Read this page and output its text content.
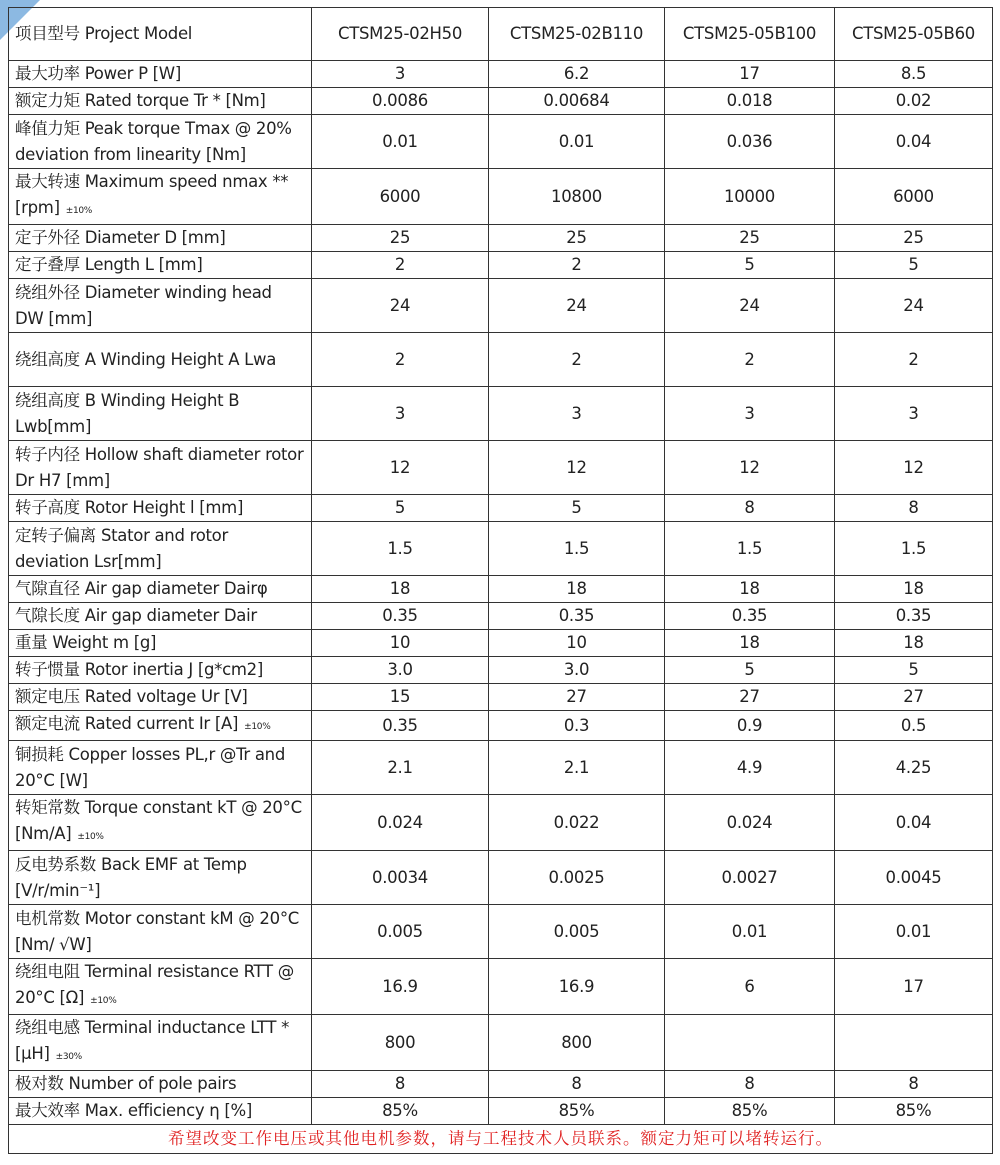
项目型号 Project Model	CTSM25-02H50	CTSM25-02B110	CTSM25-05B100	CTSM25-05B60
最大功率 Power P [W]	3	6.2	17	8.5
额定力矩 Rated torque Tr * [Nm]	0.0086	0.00684	0.018	0.02
峰值力矩 Peak torque Tmax @ 20% deviation from linearity [Nm]	0.01	0.01	0.036	0.04
最大转速 Maximum speed nmax ** [rpm] ±10%	6000	10800	10000	6000
定子外径 Diameter D [mm]	25	25	25	25
定子叠厚 Length L [mm]	2	2	5	5
绕组外径 Diameter winding head DW [mm]	24	24	24	24
绕组高度 A Winding Height A Lwa	2	2	2	2
绕组高度 B Winding Height B Lwb[mm]	3	3	3	3
转子内径 Hollow shaft diameter rotor Dr H7 [mm]	12	12	12	12
转子高度 Rotor Height l [mm]	5	5	8	8
定转子偏离 Stator and rotor deviation Lsr[mm]	1.5	1.5	1.5	1.5
气隙直径 Air gap diameter Dairφ	18	18	18	18
气隙长度 Air gap diameter Dair	0.35	0.35	0.35	0.35
重量 Weight m [g]	10	10	18	18
转子惯量 Rotor inertia J [g*cm2]	3.0	3.0	5	5
额定电压 Rated voltage Ur [V]	15	27	27	27
额定电流 Rated current Ir [A] ±10%	0.35	0.3	0.9	0.5
铜损耗 Copper losses PL,r @Tr and 20°C [W]	2.1	2.1	4.9	4.25
转矩常数 Torque constant kT @ 20°C [Nm/A] ±10%	0.024	0.022	0.024	0.04
反电势系数 Back EMF at Temp [V/r/min⁻¹]	0.0034	0.0025	0.0027	0.0045
电机常数 Motor constant kM @ 20°C [Nm/ √W]	0.005	0.005	0.01	0.01
绕组电阻 Terminal resistance RTT @ 20°C [Ω] ±10%	16.9	16.9	6	17
绕组电感 Terminal inductance LTT * [µH] ±30%	800	800		
极对数 Number of pole pairs	8	8	8	8
最大效率 Max. efficiency η [%]	85%	85%	85%	85%
希望改变工作电压或其他电机参数，请与工程技术人员联系。额定力矩可以堵转运行。				
